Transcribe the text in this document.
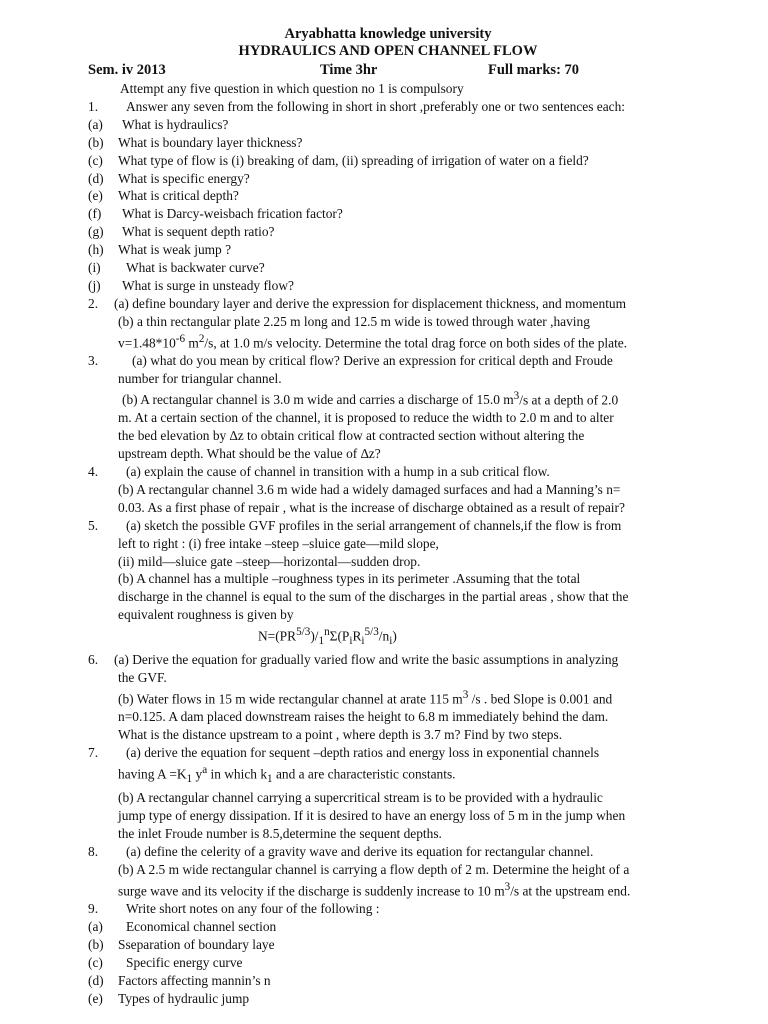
Aryabhatta knowledge university
HYDRAULICS AND OPEN CHANNEL FLOW
Sem. iv 2013	Time 3hr	Full marks: 70
Attempt any five question in which question no 1 is compulsory
1. Answer any seven from the following in short in short ,preferably one or two sentences each:
(a) What is hydraulics?
(b) What is boundary layer thickness?
(c) What type of flow is (i) breaking of dam, (ii) spreading of irrigation of water on a field?
(d) What is specific energy?
(e) What is critical depth?
(f) What is Darcy-weisbach frication factor?
(g) What is sequent depth ratio?
(h) What is weak jump ?
(i) What is backwater curve?
(j) What is surge in unsteady flow?
2. (a) define boundary layer and derive the expression for displacement thickness, and momentum
(b) a thin rectangular plate 2.25 m long and 12.5 m wide is towed through water ,having
$v=1.48*10^{-6}$ $m^2/s$, at 1.0 m/s velocity. Determine the total drag force on both sides of the plate.
3.	(a) what do you mean by critical flow? Derive an expression for critical depth and Froude
number for triangular channel.
(b) A rectangular channel is 3.0 m wide and carries a discharge of 15.0 $m^3/s$ at a depth of 2.0
m. At a certain section of the channel, it is proposed to reduce the width to 2.0 m and to alter
the bed elevation by ∆z to obtain critical flow at contracted section without altering the
upstream depth. What should be the value of ∆z?
4. (a) explain the cause of channel in transition with a hump in a sub critical flow.
(b) A rectangular channel 3.6 m wide had a widely damaged surfaces and had a Manning’s n=
0.03. As a first phase of repair , what is the increase of discharge obtained as a result of repair?
5. (a) sketch the possible GVF profiles in the serial arrangement of channels,if the flow is from
left to right : (i) free intake –steep –sluice gate—mild slope,
(ii) mild—sluice gate –steep—horizontal—sudden drop.
(b) A channel has a multiple –roughness types in its perimeter .Assuming that the total
discharge in the channel is equal to the sum of the discharges in the partial areas , show that the
equivalent roughness is given by
$N=(PR^{5/3})/_1^n\Sigma(P_iR_i^{5/3}/n_i)$
6. (a) Derive the equation for gradually varied flow and write the basic assumptions in analyzing
the GVF.
(b) Water flows in 15 m wide rectangular channel at arate 115 $m^3$ /s . bed Slope is 0.001 and
n=0.125. A dam placed downstream raises the height to 6.8 m immediately behind the dam.
What is the distance upstream to a point , where depth is 3.7 m? Find by two steps.
7. (a) derive the equation for sequent –depth ratios and energy loss in exponential channels
having $A =K_1$ $y^a$ in which $k_1$ and a are characteristic constants.
(b) A rectangular channel carrying a supercritical stream is to be provided with a hydraulic
jump type of energy dissipation. If it is desired to have an energy loss of 5 m in the jump when
the inlet Froude number is 8.5,determine the sequent depths.
8. (a) define the celerity of a gravity wave and derive its equation for rectangular channel.
(b) A 2.5 m wide rectangular channel is carrying a flow depth of 2 m. Determine the height of a
surge wave and its velocity if the discharge is suddenly increase to 10 $m^3/s$ at the upstream end.
9. Write short notes on any four of the following :
(a) Economical channel section
(b) Sseparation of boundary laye
(c) Specific energy curve
(d) Factors affecting mannin’s n
(e) Types of hydraulic jump
